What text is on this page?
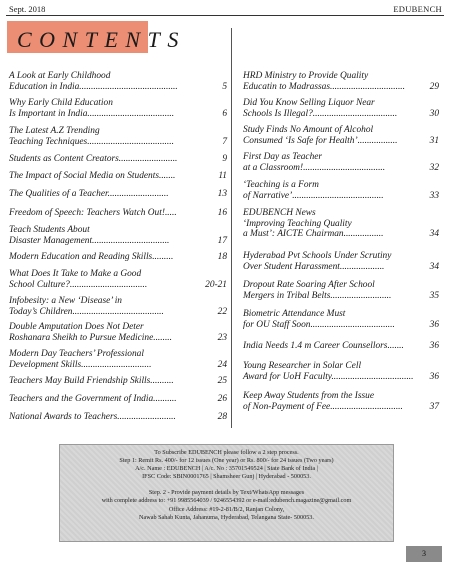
Sept. 2018	EDUBENCH
CONTENTS
A Look at Early Childhood
Education in India..........................................	5
Why Early Child Education
Is Important in India.....................................	6
The Latest A.Z Trending
Teaching Techniques.....................................	7
Students as Content Creators.........................	9
The Impact of Social Media on Students.......	11
The Qualities of a Teacher..........................	13
Freedom of Speech: Teachers Watch Out!.....	16
Teach Students About
Disaster Management.................................	17
Modern Education and Reading Skills.........	18
What Does It Take to Make a Good
School Culture?.................................	20-21
Infobesity: a New ‘Disease’ in
Today’s Children.......................................	22
Double Amputation Does Not Deter
Roshanara Sheikh to Pursue Medicine........	23
Modern Day Teachers’ Professional
Development Skills..............................	24
Teachers May Build Friendship Skills..........	25
Teachers and the Government of India..........	26
National Awards to Teachers.........................	28
HRD Ministry to Provide Quality
Educatin to Madrassas................................	29
Did You Know Selling Liquor Near
Schools Is Illegal?....................................	30
Study Finds No Amount of Alcohol
Consumed ‘Is Safe for Health’.................	31
First Day as Teacher
at a Classroom!...................................	32
‘Teaching is a Form
of Narrative’.......................................	33
EDUBENCH News
‘Improving Teaching Quality
a Must’: AICTE Chairman.................	34
Hyderabad Pvt Schools Under Scrutiny
Over Student Harassment...................	34
Dropout Rate Soaring After School
Mergers in Tribal Belts..........................	35
Biometric Attendance Must
for OU Staff Soon....................................	36
India Needs 1.4 m Career Counsellors.......	36
Young Researcher in Solar Cell
Award for UoH Faculty...................................	36
Keep Away Students from the Issue
of Non-Payment of Fee...............................	37
To Subscribe EDUBENCH please follow a 2 step process.
Step 1: Remit Rs. 400/- for 12 issues (One year) or Rs. 800/- for 24 issues (Two years)
A/c. Name : EDUBENCH | A/c. No : 35701549524 | State Bank of India |
IFSC Code: SBIN0001765 | Shamsheer Gunj | Hyderabad - 500053.
Step. 2 - Provide payment details by Text/WhatsApp messages
with complete address to: +91 9985564039 / 9246554392 or e-mail:edubench.magazine@gmail.com
Office Address: #19-2-81/B/2, Ranjan Colony,
Nawab Sahab Kunta, Jahanuma, Hyderabad, Telangana State- 500053.
3
